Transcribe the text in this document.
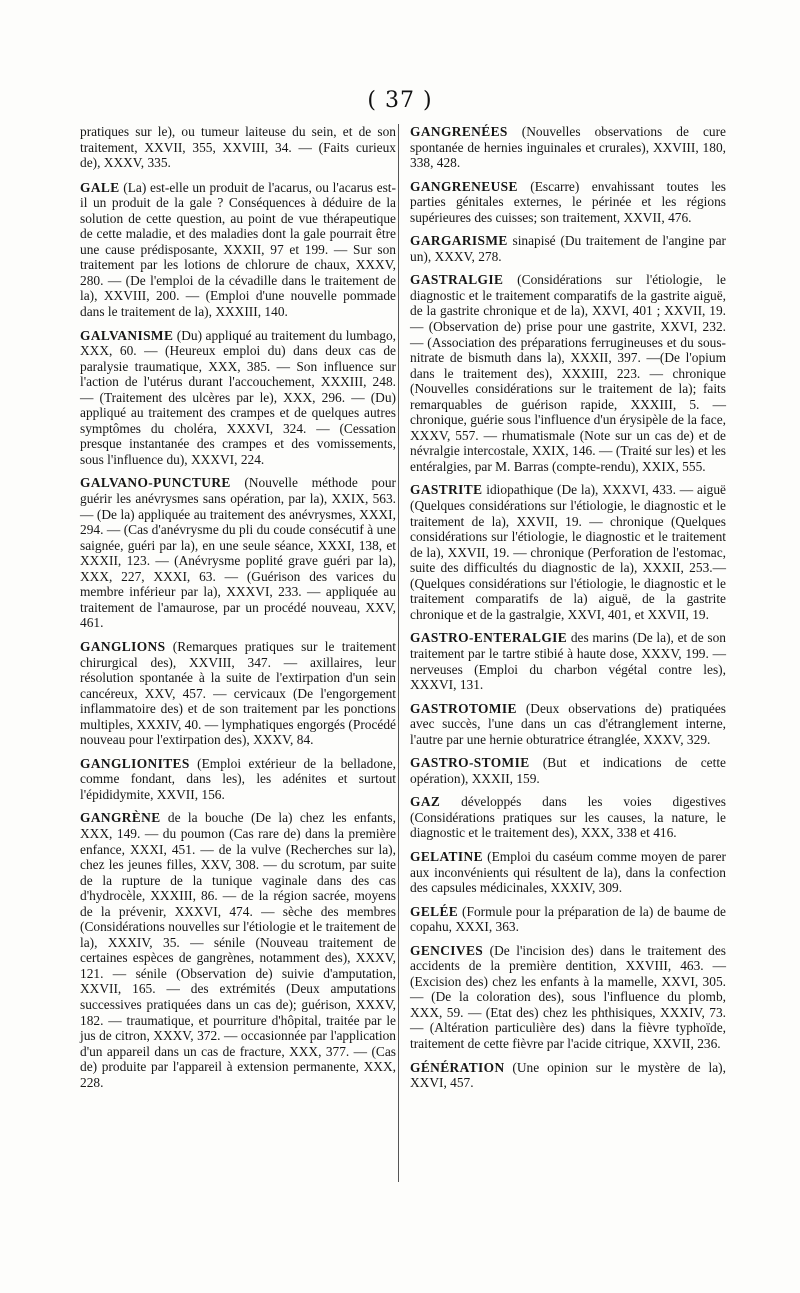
( 37 )

pratiques sur le), ou tumeur laiteuse du sein, et de son traitement, XXVII, 355, XXVIII, 34. — (Faits curieux de), XXXV, 335.

GALE (La) est-elle un produit de l'acarus, ou l'acarus est-il un produit de la gale ? Conséquences à déduire de la solution de cette question, au point de vue thérapeutique de cette maladie, et des maladies dont la gale pourrait être une cause prédisposante, XXXII, 97 et 199. — Sur son traitement par les lotions de chlorure de chaux, XXXV, 280. — (De l'emploi de la cévadille dans le traitement de la), XXVIII, 200. — (Emploi d'une nouvelle pommade dans le traitement de la), XXXIII, 140.

GALVANISME (Du) appliqué au traitement du lumbago, XXX, 60. — (Heureux emploi du) dans deux cas de paralysie traumatique, XXX, 385. — Son influence sur l'action de l'utérus durant l'accouchement, XXXIII, 248. — (Traitement des ulcères par le), XXX, 296. — (Du) appliqué au traitement des crampes et de quelques autres symptômes du choléra, XXXVI, 324. — (Cessation presque instantanée des crampes et des vomissements, sous l'influence du), XXXVI, 224.

GALVANO-PUNCTURE (Nouvelle méthode pour guérir les anévrysmes sans opération, par la), XXIX, 563. — (De la) appliquée au traitement des anévrysmes, XXXI, 294. — (Cas d'anévrysme du pli du coude consécutif à une saignée, guéri par la), en une seule séance, XXXI, 138, et XXXII, 123. — (Anévrysme poplité grave guéri par la), XXX, 227, XXXI, 63. — (Guérison des varices du membre inférieur par la), XXXVI, 233. — appliquée au traitement de l'amaurose, par un procédé nouveau, XXV, 461.

GANGLIONS (Remarques pratiques sur le traitement chirurgical des), XXVIII, 347. — axillaires, leur résolution spontanée à la suite de l'extirpation d'un sein cancéreux, XXV, 457. — cervicaux (De l'engorgement inflammatoire des) et de son traitement par les ponctions multiples, XXXIV, 40. — lymphatiques engorgés (Procédé nouveau pour l'extirpation des), XXXV, 84.

GANGLIONITES (Emploi extérieur de la belladone, comme fondant, dans les), les adénites et surtout l'épididymite, XXVII, 156.

GANGRÈNE de la bouche (De la) chez les enfants, XXX, 149. — du poumon (Cas rare de) dans la première enfance, XXXI, 451. — de la vulve (Recherches sur la), chez les jeunes filles, XXV, 308. — du scrotum, par suite de la rupture de la tunique vaginale dans des cas d'hydrocèle, XXXIII, 86. — de la région sacrée, moyens de la prévenir, XXXVI, 474. — sèche des membres (Considérations nouvelles sur l'étiologie et le traitement de la), XXXIV, 35. — sénile (Nouveau traitement de certaines espèces de gangrènes, notamment des), XXXV, 121. — sénile (Observation de) suivie d'amputation, XXVII, 165. — des extrémités (Deux amputations successives pratiquées dans un cas de); guérison, XXXV, 182. — traumatique, et pourriture d'hôpital, traitée par le jus de citron, XXXV, 372. — occasionnée par l'application d'un appareil dans un cas de fracture, XXX, 377. — (Cas de) produite par l'appareil à extension permanente, XXX, 228.

GANGRENÉES (Nouvelles observations de cure spontanée de hernies inguinales et crurales), XXVIII, 180, 338, 428.

GANGRENEUSE (Escarre) envahissant toutes les parties génitales externes, le périnée et les régions supérieures des cuisses; son traitement, XXVII, 476.

GARGARISME sinapisé (Du traitement de l'angine par un), XXXV, 278.

GASTRALGIE (Considérations sur l'étiologie, le diagnostic et le traitement comparatifs de la gastrite aiguë, de la gastrite chronique et de la), XXVI, 401 ; XXVII, 19. — (Observation de) prise pour une gastrite, XXVI, 232. — (Association des préparations ferrugineuses et du sous-nitrate de bismuth dans la), XXXII, 397. —(De l'opium dans le traitement des), XXXIII, 223. — chronique (Nouvelles considérations sur le traitement de la); faits remarquables de guérison rapide, XXXIII, 5. — chronique, guérie sous l'influence d'un érysipèle de la face, XXXV, 557. — rhumatismale (Note sur un cas de) et de névralgie intercostale, XXIX, 146. — (Traité sur les) et les entéralgies, par M. Barras (compte-rendu), XXIX, 555.

GASTRITE idiopathique (De la), XXXVI, 433. — aiguë (Quelques considérations sur l'étiologie, le diagnostic et le traitement de la), XXVII, 19. — chronique (Quelques considérations sur l'étiologie, le diagnostic et le traitement de la), XXVII, 19. — chronique (Perforation de l'estomac, suite des difficultés du diagnostic de la), XXXII, 253.—(Quelques considérations sur l'étiologie, le diagnostic et le traitement comparatifs de la) aiguë, de la gastrite chronique et de la gastralgie, XXVI, 401, et XXVII, 19.

GASTRO-ENTERALGIE des marins (De la), et de son traitement par le tartre stibié à haute dose, XXXV, 199. — nerveuses (Emploi du charbon végétal contre les), XXXVI, 131.

GASTROTOMIE (Deux observations de) pratiquées avec succès, l'une dans un cas d'étranglement interne, l'autre par une hernie obturatrice étranglée, XXXV, 329.

GASTRO-STOMIE (But et indications de cette opération), XXXII, 159.

GAZ développés dans les voies digestives (Considérations pratiques sur les causes, la nature, le diagnostic et le traitement des), XXX, 338 et 416.

GELATINE (Emploi du caséum comme moyen de parer aux inconvénients qui résultent de la), dans la confection des capsules médicinales, XXXIV, 309.

GELÉE (Formule pour la préparation de la) de baume de copahu, XXXI, 363.

GENCIVES (De l'incision des) dans le traitement des accidents de la première dentition, XXVIII, 463. — (Excision des) chez les enfants à la mamelle, XXVI, 305. — (De la coloration des), sous l'influence du plomb, XXX, 59. — (Etat des) chez les phthisiques, XXXIV, 73. — (Altération particulière des) dans la fièvre typhoïde, traitement de cette fièvre par l'acide citrique, XXVII, 236.

GÉNÉRATION (Une opinion sur le mystère de la), XXVI, 457.
